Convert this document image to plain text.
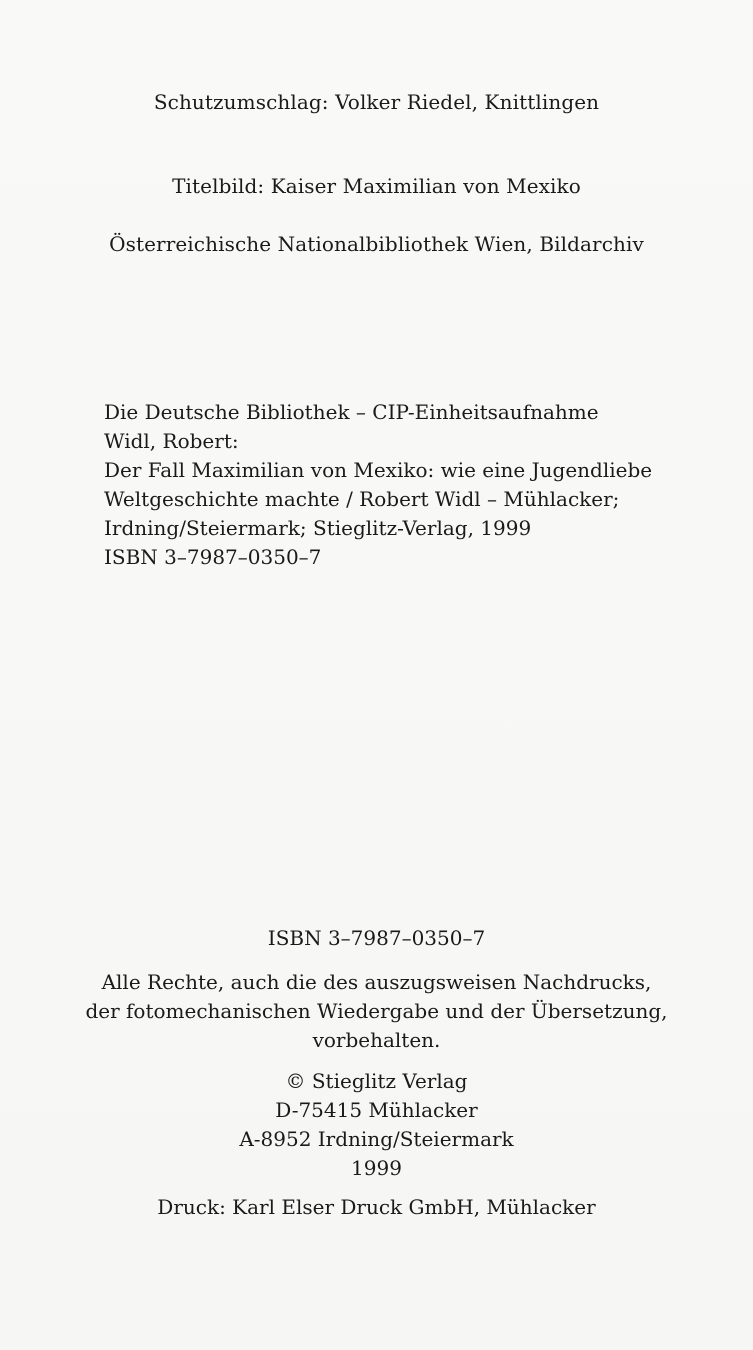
Schutzumschlag: Volker Riedel, Knittlingen
Titelbild: Kaiser Maximilian von Mexiko
Österreichische Nationalbibliothek Wien, Bildarchiv
Die Deutsche Bibliothek – CIP-Einheitsaufnahme
Widl, Robert:
Der Fall Maximilian von Mexiko: wie eine Jugendliebe
Weltgeschichte machte / Robert Widl – Mühlacker;
Irdning/Steiermark; Stieglitz-Verlag, 1999
ISBN 3–7987–0350–7
ISBN 3–7987–0350–7
Alle Rechte, auch die des auszugsweisen Nachdrucks,
der fotomechanischen Wiedergabe und der Übersetzung,
vorbehalten.
© Stieglitz Verlag
D-75415 Mühlacker
A-8952 Irdning/Steiermark
1999
Druck: Karl Elser Druck GmbH, Mühlacker
